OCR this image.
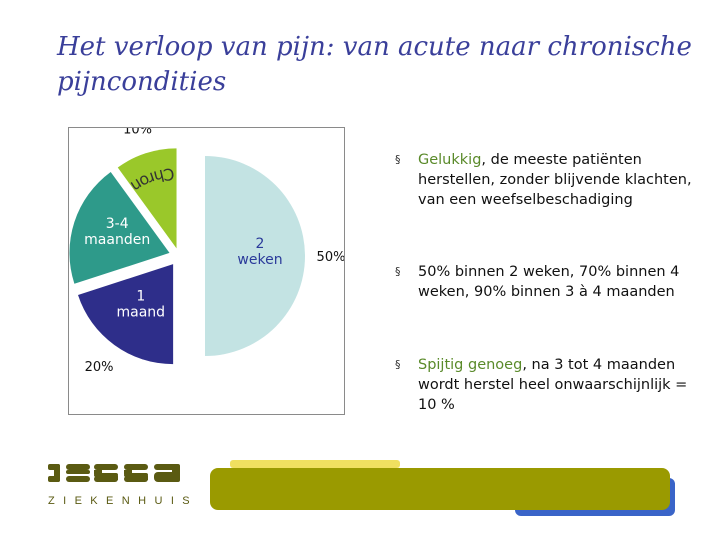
Het verloop van pijn: van acute naar chronische pijncondities
2 weken	50%
1 maand
20%
3-4 maanden
Chron
10%
§ Gelukkig, de meeste patiënten herstellen, zonder blijvende klachten, van een weefselbeschadiging
§ 50% binnen 2 weken, 70% binnen 4 weken, 90% binnen 3 à 4 maanden
§ Spijtig genoeg, na 3 tot 4 maanden wordt herstel heel onwaarschijnlijk = 10 %
ZIEKENHUIS
